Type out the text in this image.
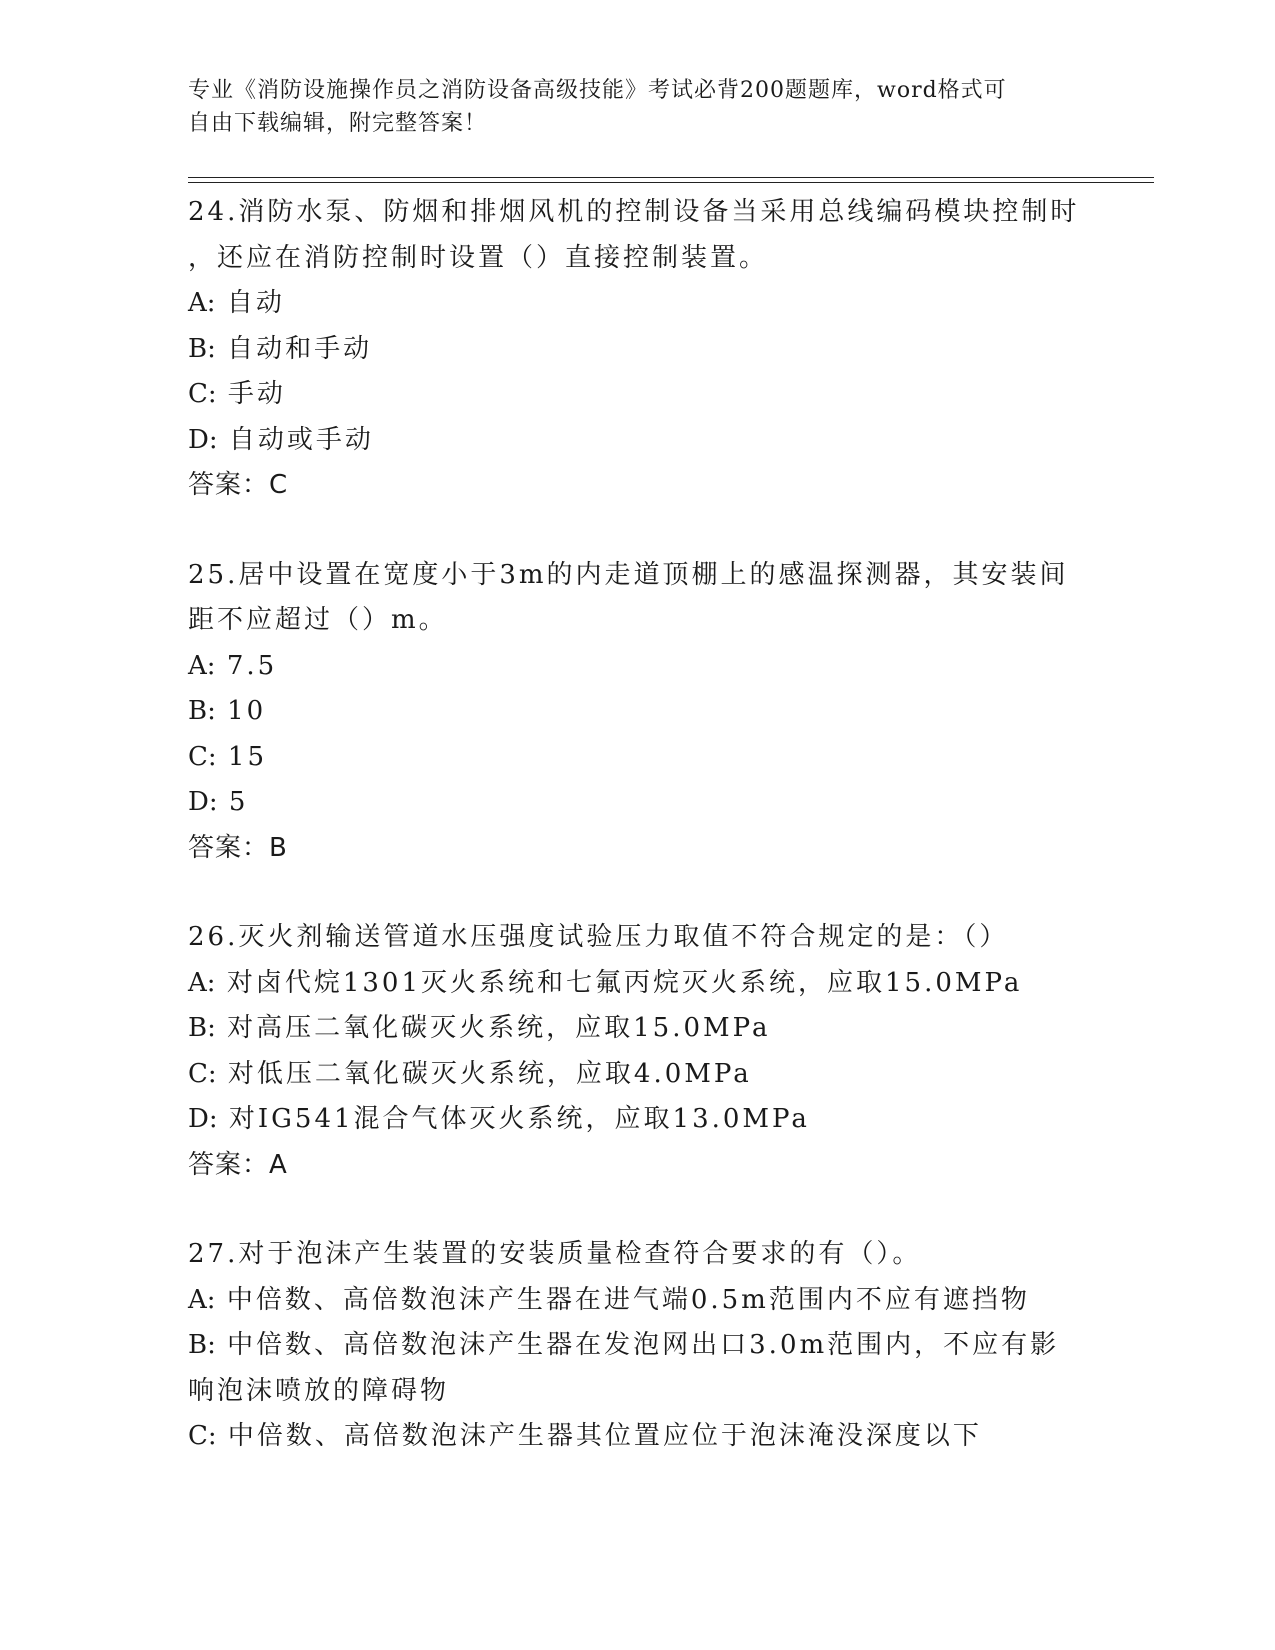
专业《消防设施操作员之消防设备高级技能》考试必背200题题库，word格式可
自由下载编辑，附完整答案！
24.消防水泵、防烟和排烟风机的控制设备当采用总线编码模块控制时
，还应在消防控制时设置（）直接控制装置。
A: 自动
B: 自动和手动
C: 手动
D: 自动或手动
答案：C
25.居中设置在宽度小于3m的内走道顶棚上的感温探测器，其安装间
距不应超过（）m。
A: 7.5
B: 10
C: 15
D: 5
答案：B
26.灭火剂输送管道水压强度试验压力取值不符合规定的是：（）
A: 对卤代烷1301灭火系统和七氟丙烷灭火系统，应取15.0MPa
B: 对高压二氧化碳灭火系统，应取15.0MPa
C: 对低压二氧化碳灭火系统，应取4.0MPa
D: 对IG541混合气体灭火系统，应取13.0MPa
答案：A
27.对于泡沫产生装置的安装质量检查符合要求的有（）。
A: 中倍数、高倍数泡沫产生器在进气端0.5m范围内不应有遮挡物
B: 中倍数、高倍数泡沫产生器在发泡网出口3.0m范围内，不应有影
响泡沫喷放的障碍物
C: 中倍数、高倍数泡沫产生器其位置应位于泡沫淹没深度以下
